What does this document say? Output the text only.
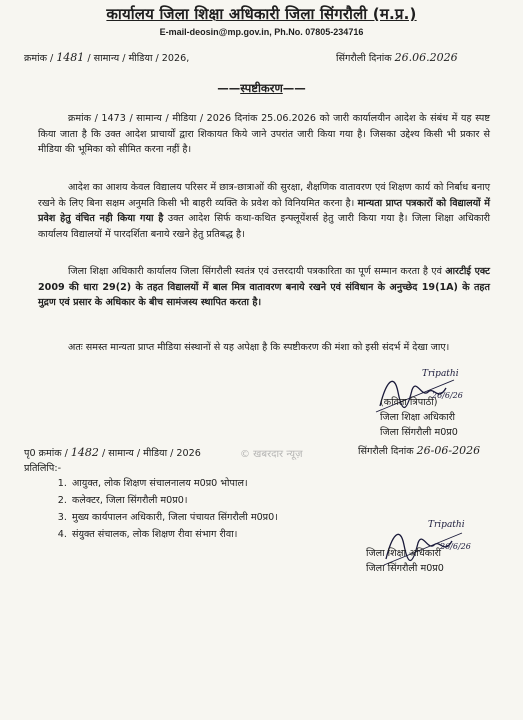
कार्यालय जिला शिक्षा अधिकारी जिला सिंगरौली (म.प्र.)
E-mail-deosin@mp.gov.in, Ph.No. 07805-234716
क्रमांक / 1481 / सामान्य / मीडिया / 2026,	सिंगरौली दिनांक 26.06.2026
——स्पष्टीकरण——
क्रमांक / 1473 / सामान्य / मीडिया / 2026 दिनांक 25.06.2026 को जारी कार्यालयीन आदेश के संबंध में यह स्पष्ट किया जाता है कि उक्त आदेश प्राचार्यों द्वारा शिकायत किये जाने उपरांत जारी किया गया है। जिसका उद्देश्य किसी भी प्रकार से मीडिया की भूमिका को सीमित करना नहीं है।
आदेश का आशय केवल विद्यालय परिसर में छात्र-छात्राओं की सुरक्षा, शैक्षणिक वातावरण एवं शिक्षण कार्य को निर्बाध बनाए रखने के लिए बिना सक्षम अनुमति किसी भी बाहरी व्यक्ति के प्रवेश को विनियमित करना है। मान्यता प्राप्त पत्रकारों को विद्यालयों में प्रवेश हेतु वंचित नही किया गया है उक्त आदेश सिर्फ कथा-कथित इन्फ्लूयेंशर्स हेतु जारी किया गया है। जिला शिक्षा अधिकारी कार्यालय विद्यालयों में पारदर्शिता बनाये रखने हेतु प्रतिबद्ध है।
जिला शिक्षा अधिकारी कार्यालय जिला सिंगरौली स्वतंत्र एवं उत्तरदायी पत्रकारिता का पूर्ण सम्मान करता है एवं आरटीई एक्ट 2009 की धारा 29(2) के तहत विद्यालयों में बाल मित्र वातावरण बनाये रखने एवं संविधान के अनुच्छेद 19(1A) के तहत मुद्रण एवं प्रसार के अधिकार के बीच सामंजस्य स्थापित करता है।
अतः समस्त मान्यता प्राप्त मीडिया संस्थानों से यह अपेक्षा है कि स्पष्टीकरण की मंशा को इसी संदर्भ में देखा जाए।
Tripathi
26/6/26
(कविता त्रिपाठी)
जिला शिक्षा अधिकारी
जिला सिंगरौली म0प्र0
सिंगरौली दिनांक 26-06-2026
पृ0 क्रमांक / 1482 / सामान्य / मीडिया / 2026	© खबरदार न्यूज़
प्रतिलिपि:-
1. आयुक्त, लोक शिक्षण संचालनालय म0प्र0 भोपाल।
2. कलेक्टर, जिला सिंगरौली म0प्र0।
3. मुख्य कार्यपालन अधिकारी, जिला पंचायत सिंगरौली म0प्र0।
4. संयुक्त संचालक, लोक शिक्षण रीवा संभाग रीवा।
Tripathi
26/6/26
जिला शिक्षा अधिकारी
जिला सिंगरौली म0प्र0
